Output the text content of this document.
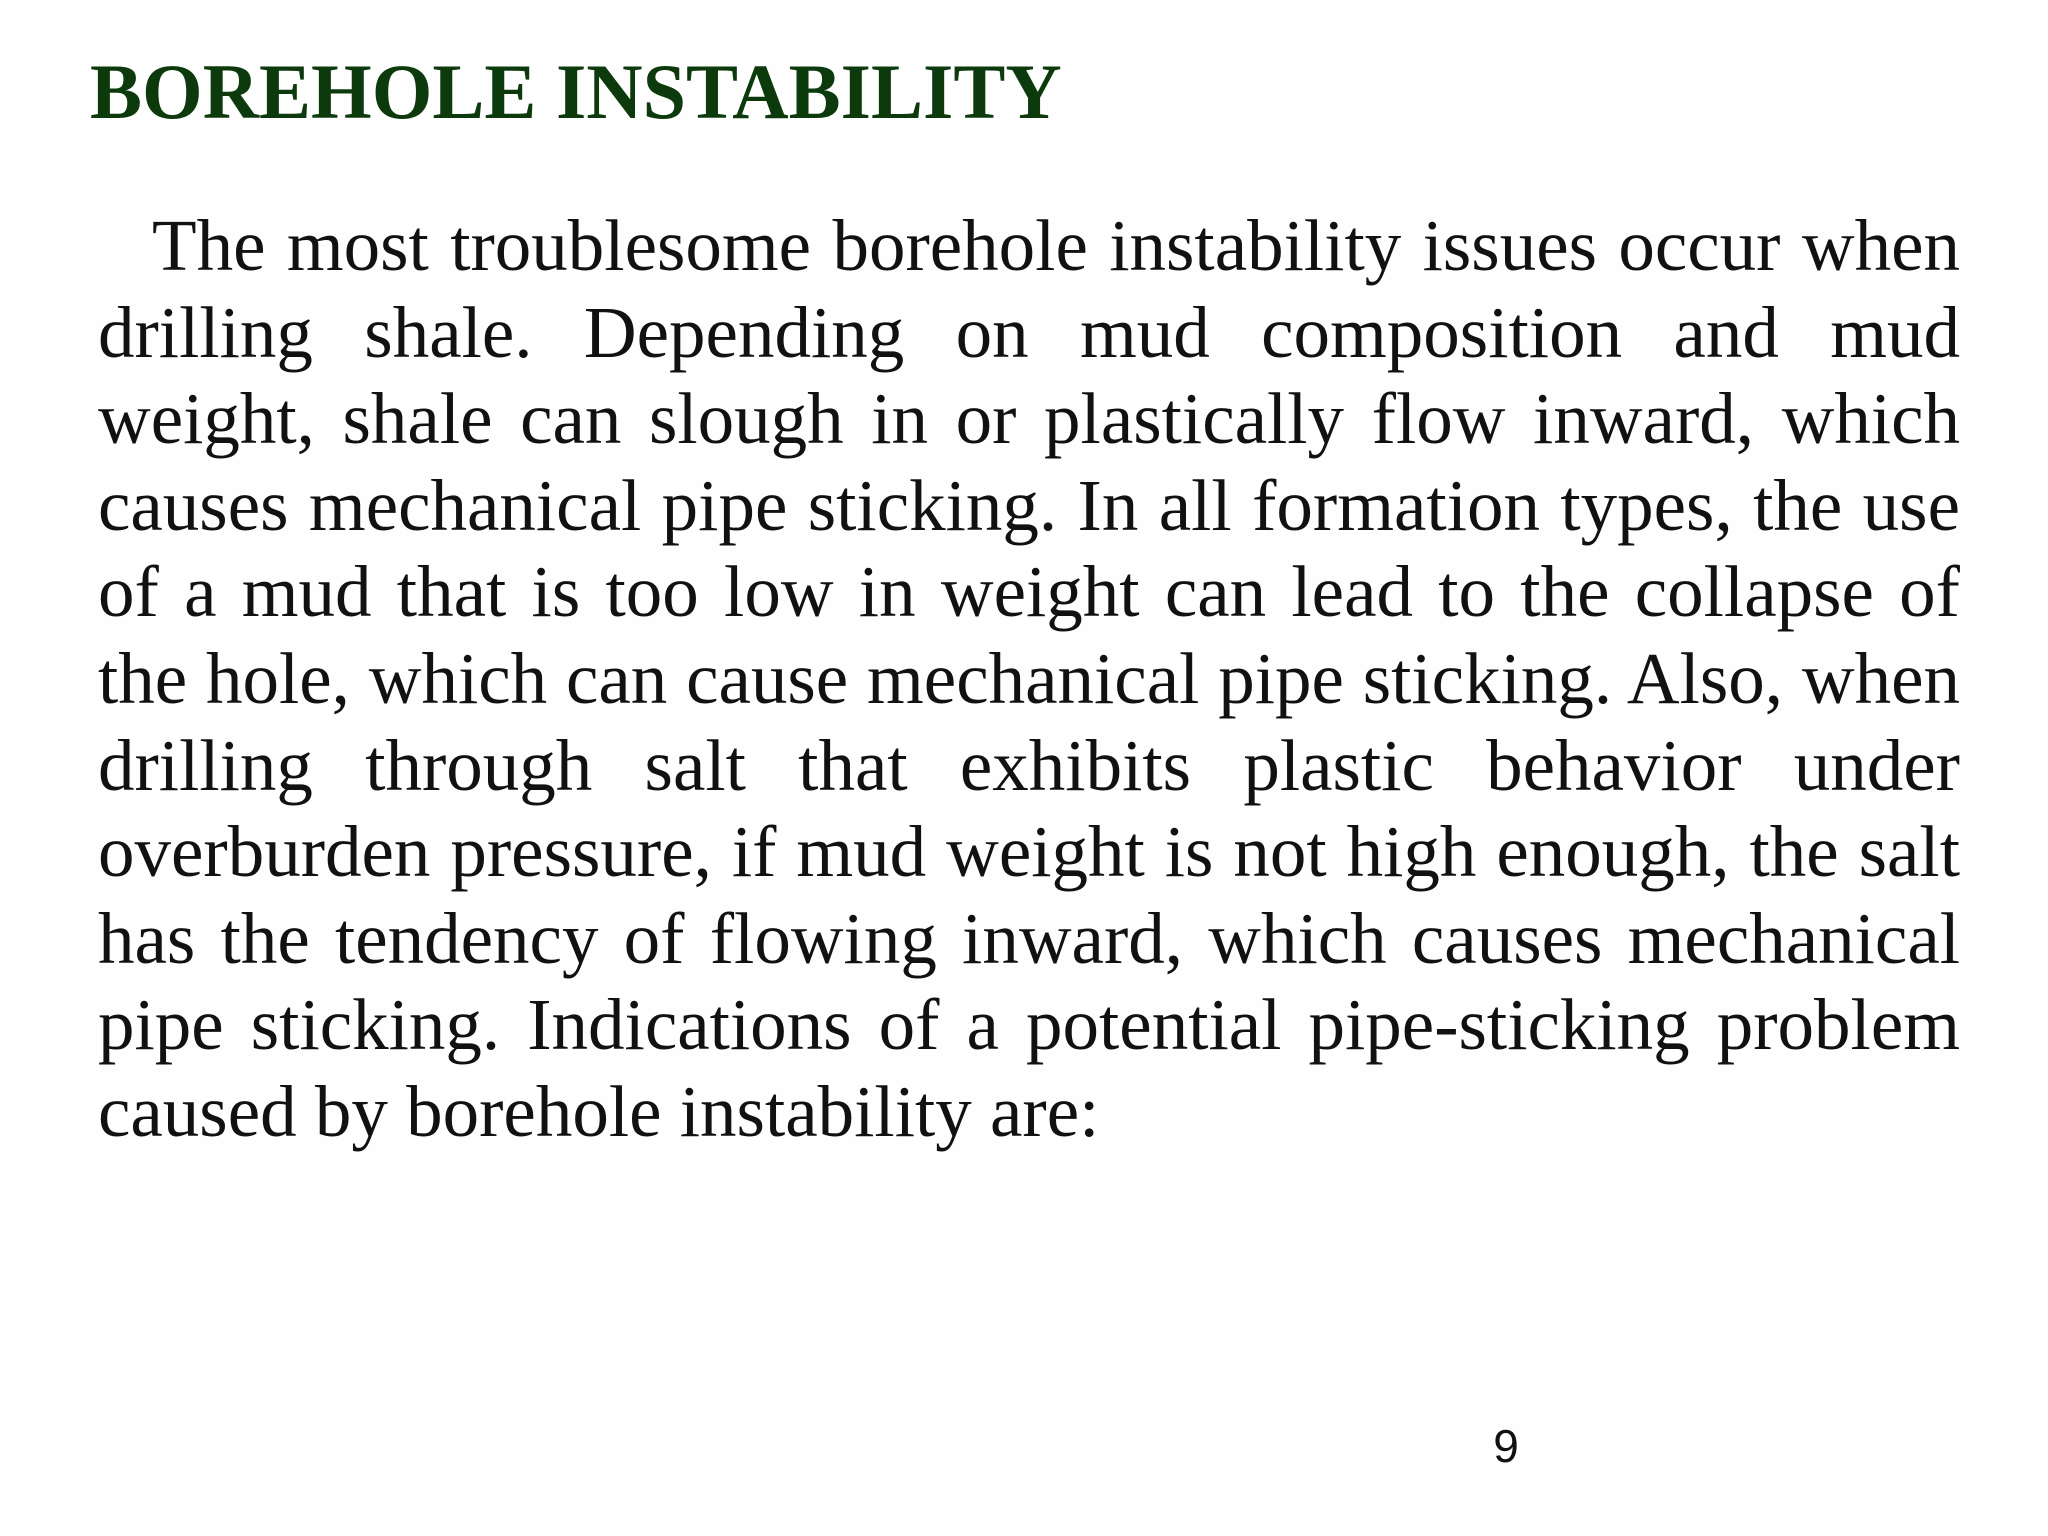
BOREHOLE INSTABILITY

The most troublesome borehole instability issues occur when drilling shale. Depending on mud composition and mud weight, shale can slough in or plastically flow inward, which causes mechanical pipe sticking. In all formation types, the use of a mud that is too low in weight can lead to the collapse of the hole, which can cause mechanical pipe sticking. Also, when drilling through salt that exhibits plastic behavior under overburden pressure, if mud weight is not high enough, the salt has the tendency of flowing inward, which causes mechanical pipe sticking. Indications of a potential pipe-sticking problem caused by borehole instability are:

9
